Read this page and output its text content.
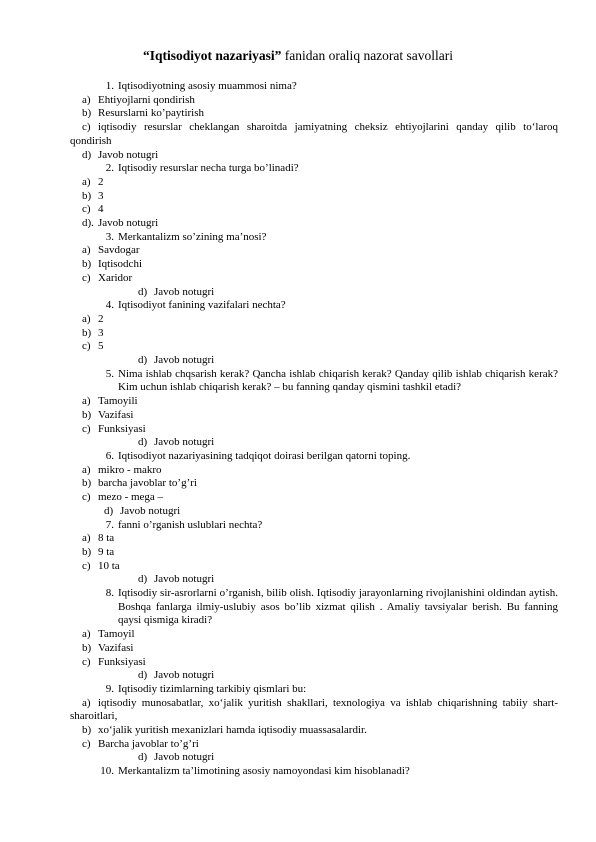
“Iqtisodiyot nazariyasi” fanidan oraliq nazorat savollari
1. Iqtisodiyotning asosiy muammosi nima?
a) Ehtiyojlarni qondirish
b) Resurslarni ko’paytirish
c) iqtisodiy resurslar cheklangan sharoitda jamiyatning cheksiz ehtiyojlarini qanday qilib to‘laroq qondirish
d) Javob notugri
2. Iqtisodiy resurslar necha turga bo’linadi?
a) 2
b) 3
c) 4
d). Javob notugri
3. Merkantalizm so’zining ma’nosi?
a) Savdogar
b) Iqtisodchi
c) Xaridor
d) Javob notugri
4. Iqtisodiyot fanining vazifalari nechta?
a) 2
b) 3
c) 5
d) Javob notugri
5. Nima ishlab chqsarish kerak? Qancha ishlab chiqarish kerak? Qanday qilib ishlab chiqarish kerak? Kim uchun ishlab chiqarish kerak? – bu fanning qanday qismini tashkil etadi?
a) Tamoyili
b) Vazifasi
c) Funksiyasi
d) Javob notugri
6. Iqtisodiyot nazariyasining tadqiqot doirasi berilgan qatorni toping.
a) mikro - makro
b) barcha javoblar to’g’ri
c) mezo - mega –
d) Javob notugri
7. fanni o’rganish uslublari nechta?
a) 8 ta
b) 9 ta
c) 10 ta
d) Javob notugri
8. Iqtisodiy sir-asrorlarni o’rganish, bilib olish. Iqtisodiy jarayonlarning rivojlanishini oldindan aytish. Boshqa fanlarga ilmiy-uslubiy asos bo’lib xizmat qilish . Amaliy tavsiyalar berish. Bu fanning qaysi qismiga kiradi?
a) Tamoyil
b) Vazifasi
c) Funksiyasi
d) Javob notugri
9. Iqtisodiy tizimlarning tarkibiy qismlari bu:
a) iqtisodiy munosabatlar, xo‘jalik yuritish shakllari, texnologiya va ishlab chiqarishning tabiiy shart-sharoitlari,
b) xo‘jalik yuritish mexanizlari hamda iqtisodiy muassasalardir.
c) Barcha javoblar to’g’ri
d) Javob notugri
10. Merkantalizm ta’limotining asosiy namoyondasi kim hisoblanadi?
